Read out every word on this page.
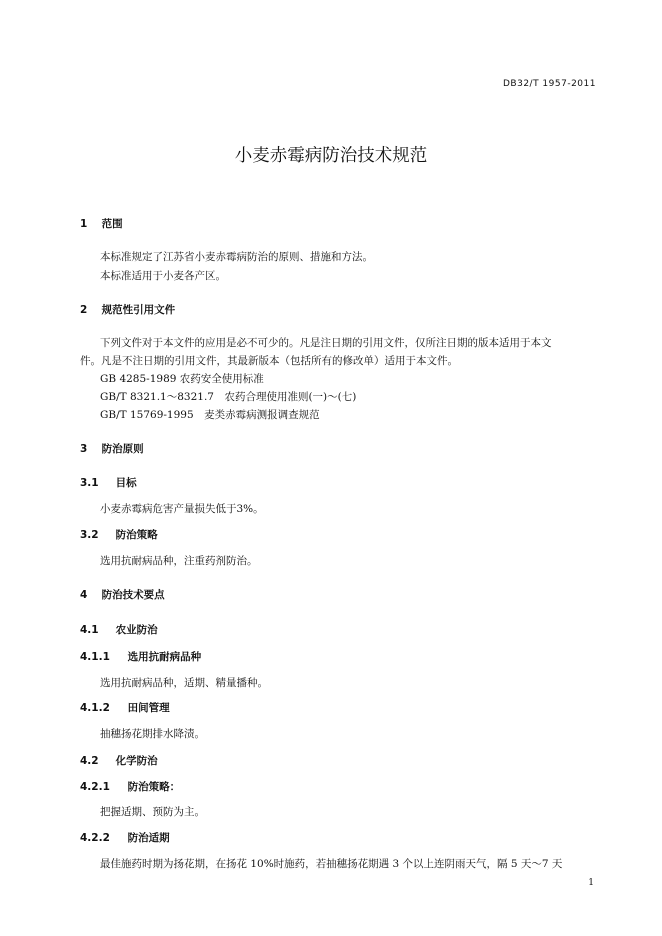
DB32/T 1957-2011
小麦赤霉病防治技术规范
1 范围
本标准规定了江苏省小麦赤霉病防治的原则、措施和方法。
本标准适用于小麦各产区。
2 规范性引用文件
下列文件对于本文件的应用是必不可少的。凡是注日期的引用文件，仅所注日期的版本适用于本文
件。凡是不注日期的引用文件，其最新版本（包括所有的修改单）适用于本文件。
GB 4285-1989 农药安全使用标准
GB/T 8321.1～8321.7　农药合理使用准则(一)～(七)
GB/T 15769-1995　麦类赤霉病测报调查规范
3 防治原则
3.1 目标
小麦赤霉病危害产量损失低于3%。
3.2 防治策略
选用抗耐病品种，注重药剂防治。
4 防治技术要点
4.1 农业防治
4.1.1 选用抗耐病品种
选用抗耐病品种，适期、精量播种。
4.1.2 田间管理
抽穗扬花期排水降渍。
4.2 化学防治
4.2.1 防治策略：
把握适期、预防为主。
4.2.2 防治适期
最佳施药时期为扬花期，在扬花 10%时施药，若抽穗扬花期遇 3 个以上连阴雨天气，隔 5 天～7 天
1
